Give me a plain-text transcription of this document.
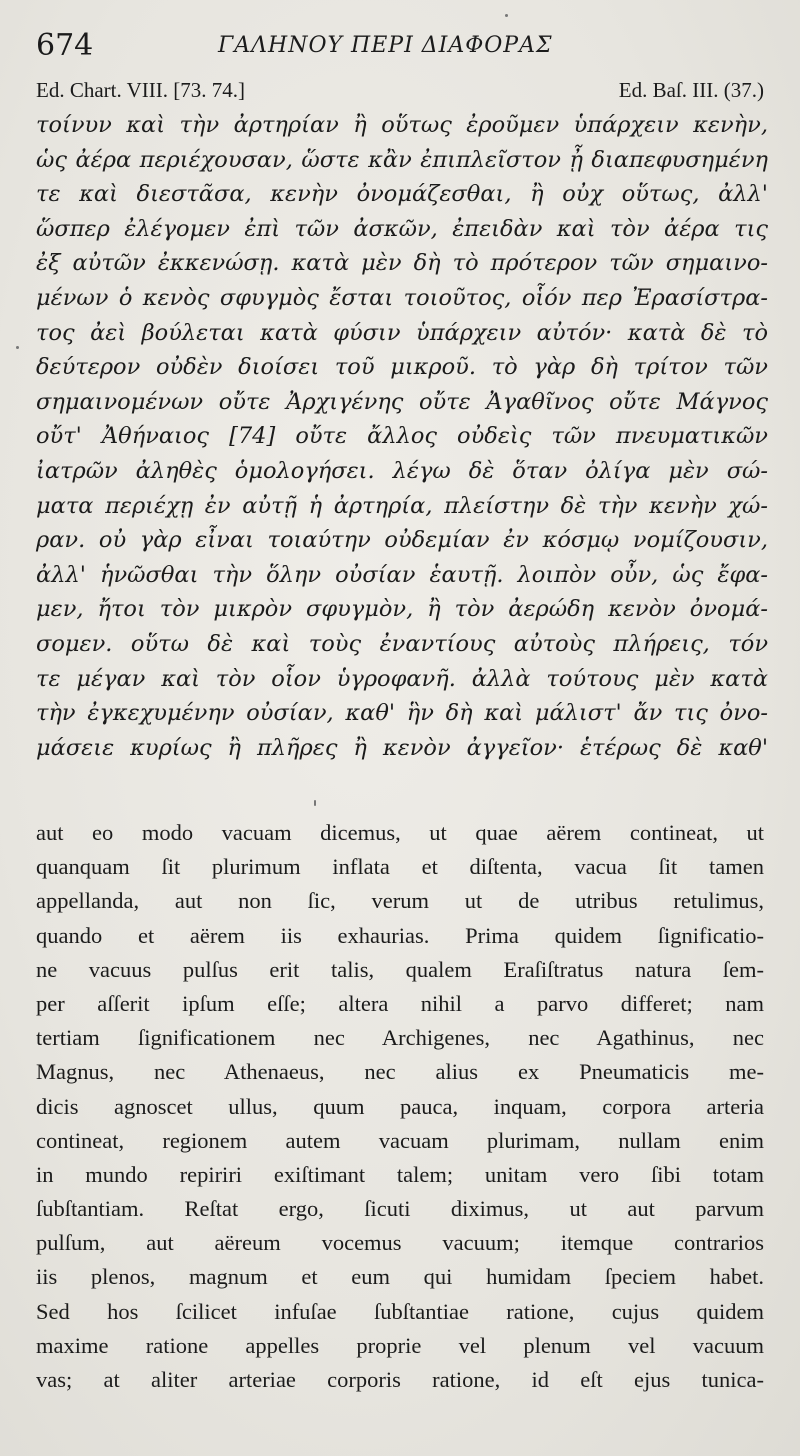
674	ΓΑΛΗΝΟΥ ΠΕΡΙ ΔΙΑΦΟΡΑΣ
Ed. Chart. VIII. [73. 74.]	Ed. Baſ. III. (37.)
τοίνυν καὶ τὴν ἀρτηρίαν ἢ οὕτως ἐροῦμεν ὑπάρχειν κενὴν,
ὡς ἀέρα περιέχουσαν, ὥστε κἂν ἐπιπλεῖστον ᾖ διαπεφυσημένη
τε καὶ διεστᾶσα, κενὴν ὀνομάζεσθαι, ἢ οὐχ οὕτως, ἀλλ'
ὥσπερ ἐλέγομεν ἐπὶ τῶν ἀσκῶν, ἐπειδὰν καὶ τὸν ἀέρα τις
ἐξ αὐτῶν ἐκκενώσῃ. κατὰ μὲν δὴ τὸ πρότερον τῶν σημαινο-
μένων ὁ κενὸς σφυγμὸς ἔσται τοιοῦτος, οἷόν περ Ἐρασίστρα-
τος ἀεὶ βούλεται κατὰ φύσιν ὑπάρχειν αὐτόν· κατὰ δὲ τὸ
δεύτερον οὐδὲν διοίσει τοῦ μικροῦ. τὸ γὰρ δὴ τρίτον τῶν
σημαινομένων οὔτε Ἀρχιγένης οὔτε Ἀγαθῖνος οὔτε Μάγνος
οὔτ' Ἀθήναιος [74] οὔτε ἄλλος οὐδεὶς τῶν πνευματικῶν
ἰατρῶν ἀληθὲς ὁμολογήσει. λέγω δὲ ὅταν ὀλίγα μὲν σώ-
ματα περιέχῃ ἐν αὐτῇ ἡ ἀρτηρία, πλείστην δὲ τὴν κενὴν χώ-
ραν. οὐ γὰρ εἶναι τοιαύτην οὐδεμίαν ἐν κόσμῳ νομίζουσιν,
ἀλλ' ἡνῶσθαι τὴν ὅλην οὐσίαν ἑαυτῇ. λοιπὸν οὖν, ὡς ἔφα-
μεν, ἤτοι τὸν μικρὸν σφυγμὸν, ἢ τὸν ἀερώδη κενὸν ὀνομά-
σομεν. οὕτω δὲ καὶ τοὺς ἐναντίους αὐτοὺς πλήρεις, τόν
τε μέγαν καὶ τὸν οἷον ὑγροφανῆ. ἀλλὰ τούτους μὲν κατὰ
τὴν ἐγκεχυμένην οὐσίαν, καθ' ἣν δὴ καὶ μάλιστ' ἄν τις ὀνο-
μάσειε κυρίως ἢ πλῆρες ἢ κενὸν ἀγγεῖον· ἑτέρως δὲ καθ'
aut eo modo vacuam dicemus, ut quae aërem contineat, ut
quanquam ſit plurimum inflata et diſtenta, vacua ſit tamen
appellanda, aut non ſic, verum ut de utribus retulimus,
quando et aërem iis exhaurias. Prima quidem ſignificatio-
ne vacuus pulſus erit talis, qualem Eraſiſtratus natura ſem-
per aſſerit ipſum eſſe; altera nihil a parvo differet; nam
tertiam ſignificationem nec Archigenes, nec Agathinus, nec
Magnus, nec Athenaeus, nec alius ex Pneumaticis me-
dicis agnoscet ullus, quum pauca, inquam, corpora arteria
contineat, regionem autem vacuam plurimam, nullam enim
in mundo repiriri exiſtimant talem; unitam vero ſibi totam
ſubſtantiam. Reſtat ergo, ſicuti diximus, ut aut parvum
pulſum, aut aëreum vocemus vacuum; itemque contrarios
iis plenos, magnum et eum qui humidam ſpeciem habet.
Sed hos ſcilicet infuſae ſubſtantiae ratione, cujus quidem
maxime ratione appelles proprie vel plenum vel vacuum
vas; at aliter arteriae corporis ratione, id eſt ejus tunica-
